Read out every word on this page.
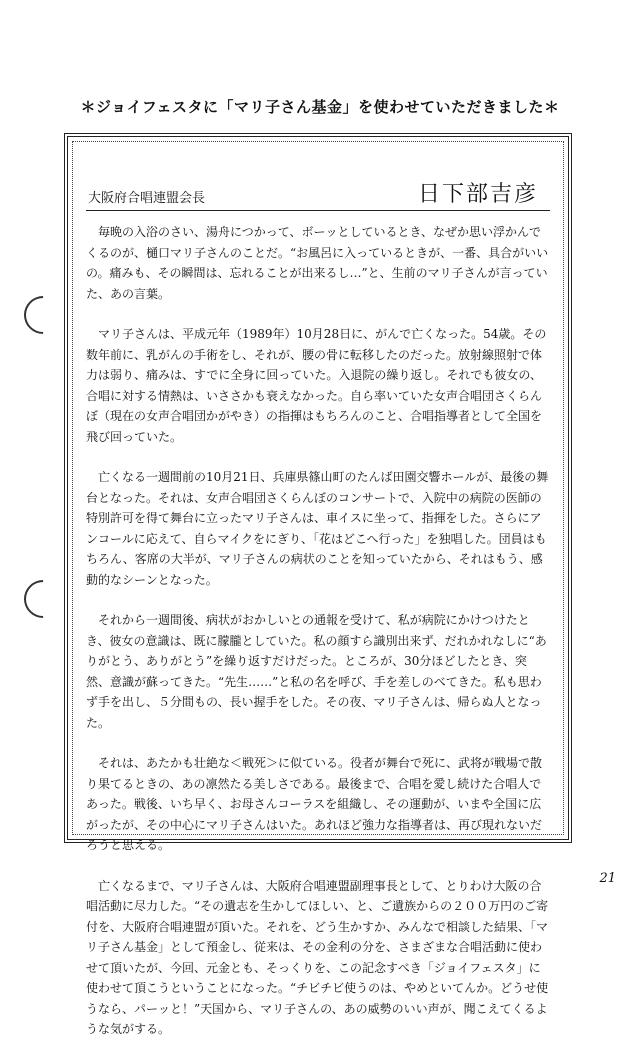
＊ジョイフェスタに「マリ子さん基金」を使わせていただきました＊
大阪府合唱連盟会長	日下部吉彦

毎晩の入浴のさい、湯舟につかって、ボーッとしているとき、なぜか思い浮かんでくるのが、樋口マリ子さんのことだ。“お風呂に入っているときが、一番、具合がいいの。痛みも、その瞬間は、忘れることが出来るし…”と、生前のマリ子さんが言っていた、あの言葉。

マリ子さんは、平成元年（1989年）10月28日に、がんで亡くなった。54歳。その数年前に、乳がんの手術をし、それが、腰の骨に転移したのだった。放射線照射で体力は弱り、痛みは、すでに全身に回っていた。入退院の繰り返し。それでも彼女の、合唱に対する情熱は、いささかも衰えなかった。自ら率いていた女声合唱団さくらんぼ（現在の女声合唱団かがやき）の指揮はもちろんのこと、合唱指導者として全国を飛び回っていた。

亡くなる一週間前の10月21日、兵庫県篠山町のたんば田園交響ホールが、最後の舞台となった。それは、女声合唱団さくらんぼのコンサートで、入院中の病院の医師の特別許可を得て舞台に立ったマリ子さんは、車イスに坐って、指揮をした。さらにアンコールに応えて、自らマイクをにぎり、「花はどこへ行った」を独唱した。団員はもちろん、客席の大半が、マリ子さんの病状のことを知っていたから、それはもう、感動的なシーンとなった。

それから一週間後、病状がおかしいとの通報を受けて、私が病院にかけつけたとき、彼女の意識は、既に朦朧としていた。私の顔すら識別出来ず、だれかれなしに“ありがとう、ありがとう”を繰り返すだけだった。ところが、30分ほどしたとき、突然、意識が蘇ってきた。“先生……”と私の名を呼び、手を差しのべてきた。私も思わず手を出し、５分間もの、長い握手をした。その夜、マリ子さんは、帰らぬ人となった。

それは、あたかも壮絶な＜戦死＞に似ている。役者が舞台で死に、武将が戦場で散り果てるときの、あの凛然たる美しさである。最後まで、合唱を愛し続けた合唱人であった。戦後、いち早く、お母さんコーラスを組織し、その運動が、いまや全国に広がったが、その中心にマリ子さんはいた。あれほど強力な指導者は、再び現れないだろうと思える。

亡くなるまで、マリ子さんは、大阪府合唱連盟副理事長として、とりわけ大阪の合唱活動に尽力した。“その遺志を生かしてほしい、と、ご遺族からの２００万円のご寄付を、大阪府合唱連盟が頂いた。それを、どう生かすか、みんなで相談した結果、「マリ子さん基金」として預金し、従来は、その金利の分を、さまざまな合唱活動に使わせて頂いたが、今回、元金とも、そっくりを、この記念すべき「ジョイフェスタ」に使わせて頂こうということになった。“チビチビ使うのは、やめといてんか。どうせ使うなら、パーッと！”天国から、マリ子さんの、あの威勢のいい声が、聞こえてくるような気がする。

21
